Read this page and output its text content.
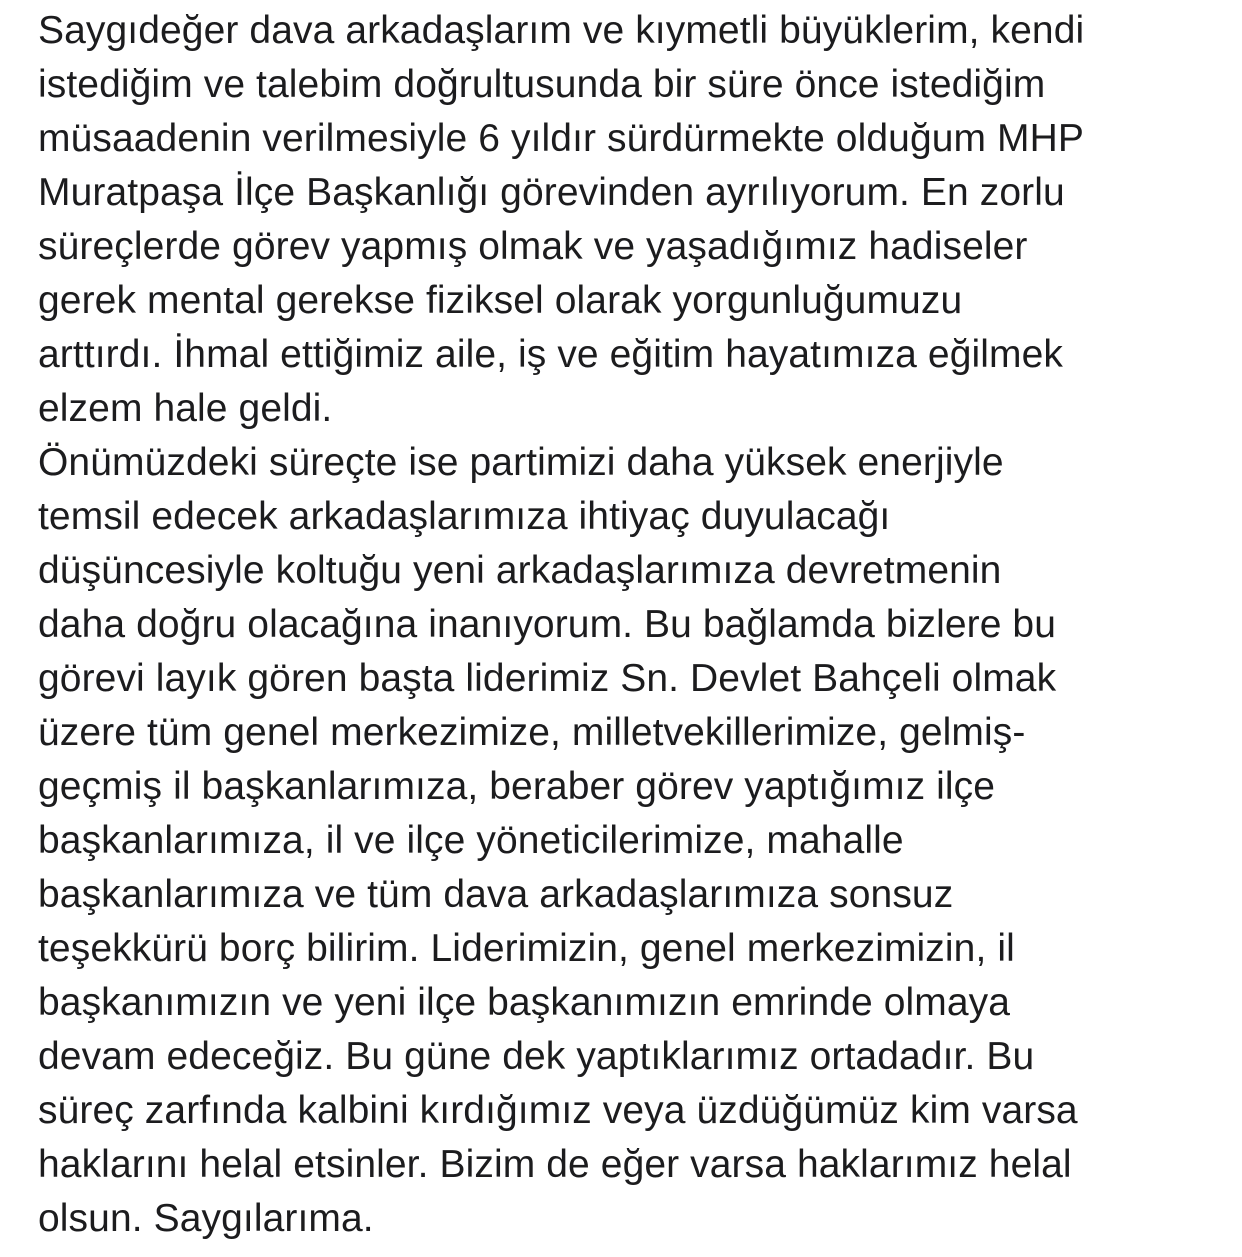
Saygıdeğer dava arkadaşlarım ve kıymetli büyüklerim, kendi
istediğim ve talebim doğrultusunda bir süre önce istediğim
müsaadenin verilmesiyle 6 yıldır sürdürmekte olduğum MHP
Muratpaşa İlçe Başkanlığı görevinden ayrılıyorum. En zorlu
süreçlerde görev yapmış olmak ve yaşadığımız hadiseler
gerek mental gerekse fiziksel olarak yorgunluğumuzu
arttırdı. İhmal ettiğimiz aile, iş ve eğitim hayatımıza eğilmek
elzem hale geldi.
Önümüzdeki süreçte ise partimizi daha yüksek enerjiyle
temsil edecek arkadaşlarımıza ihtiyaç duyulacağı
düşüncesiyle koltuğu yeni arkadaşlarımıza devretmenin
daha doğru olacağına inanıyorum. Bu bağlamda bizlere bu
görevi layık gören başta liderimiz Sn. Devlet Bahçeli olmak
üzere tüm genel merkezimize, milletvekillerimize, gelmiş-
geçmiş il başkanlarımıza, beraber görev yaptığımız ilçe
başkanlarımıza, il ve ilçe yöneticilerimize, mahalle
başkanlarımıza ve tüm dava arkadaşlarımıza sonsuz
teşekkürü borç bilirim. Liderimizin, genel merkezimizin, il
başkanımızın ve yeni ilçe başkanımızın emrinde olmaya
devam edeceğiz. Bu güne dek yaptıklarımız ortadadır. Bu
süreç zarfında kalbini kırdığımız veya üzdüğümüz kim varsa
haklarını helal etsinler. Bizim de eğer varsa haklarımız helal
olsun. Saygılarıma.
